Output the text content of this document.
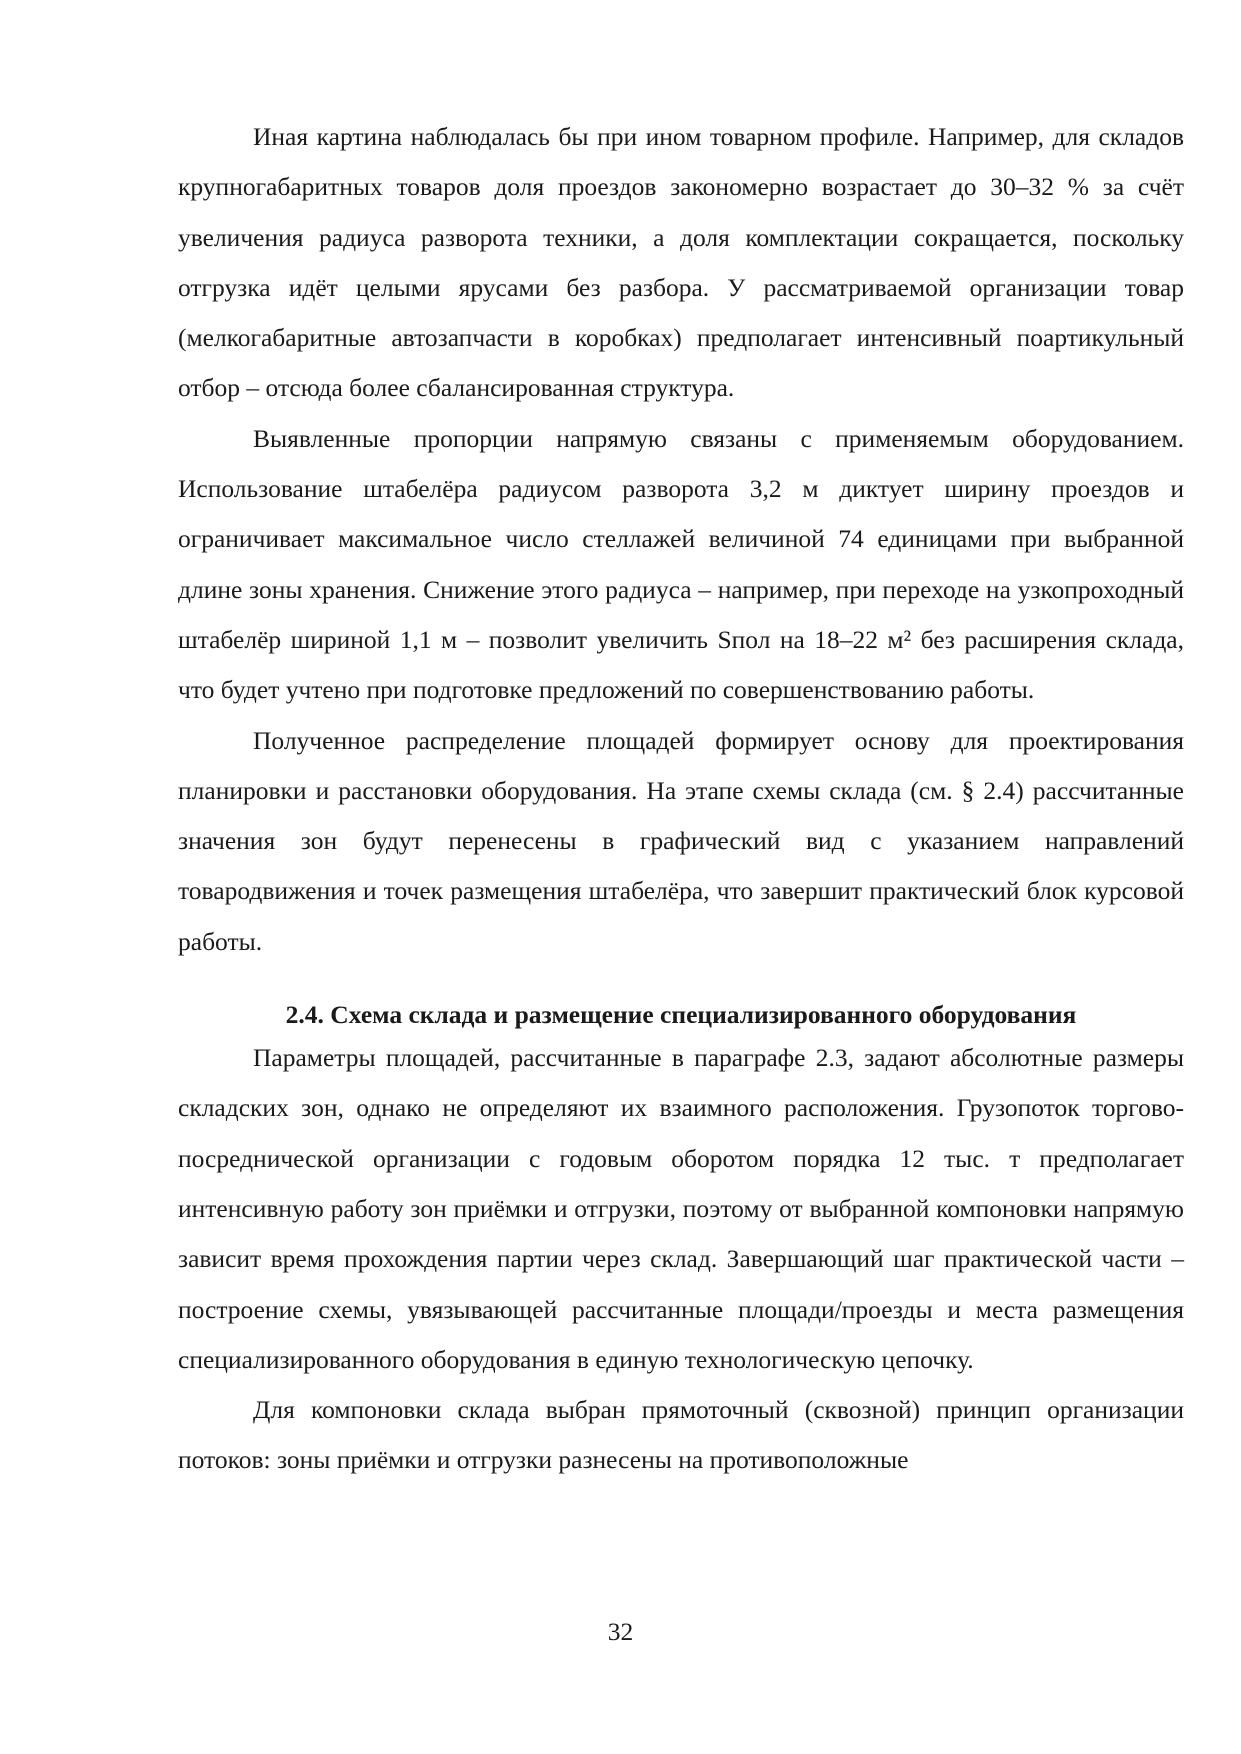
Иная картина наблюдалась бы при ином товарном профиле. Например, для складов крупногабаритных товаров доля проездов закономерно возрастает до 30–32 % за счёт увеличения радиуса разворота техники, а доля комплектации сокращается, поскольку отгрузка идёт целыми ярусами без разбора. У рассматриваемой организации товар (мелкогабаритные автозапчасти в коробках) предполагает интенсивный поартикульный отбор – отсюда более сбалансированная структура.

Выявленные пропорции напрямую связаны с применяемым оборудованием. Использование штабелёра радиусом разворота 3,2 м диктует ширину проездов и ограничивает максимальное число стеллажей величиной 74 единицами при выбранной длине зоны хранения. Снижение этого радиуса – например, при переходе на узкопроходный штабелёр шириной 1,1 м – позволит увеличить Sпол на 18–22 м² без расширения склада, что будет учтено при подготовке предложений по совершенствованию работы.

Полученное распределение площадей формирует основу для проектирования планировки и расстановки оборудования. На этапе схемы склада (см. § 2.4) рассчитанные значения зон будут перенесены в графический вид с указанием направлений товародвижения и точек размещения штабелёра, что завершит практический блок курсовой работы.

2.4. Схема склада и размещение специализированного оборудования

Параметры площадей, рассчитанные в параграфе 2.3, задают абсолютные размеры складских зон, однако не определяют их взаимного расположения. Грузопоток торгово-посреднической организации с годовым оборотом порядка 12 тыс. т предполагает интенсивную работу зон приёмки и отгрузки, поэтому от выбранной компоновки напрямую зависит время прохождения партии через склад. Завершающий шаг практической части – построение схемы, увязывающей рассчитанные площади/проезды и места размещения специализированного оборудования в единую технологическую цепочку.

Для компоновки склада выбран прямоточный (сквозной) принцип организации потоков: зоны приёмки и отгрузки разнесены на противоположные

32
